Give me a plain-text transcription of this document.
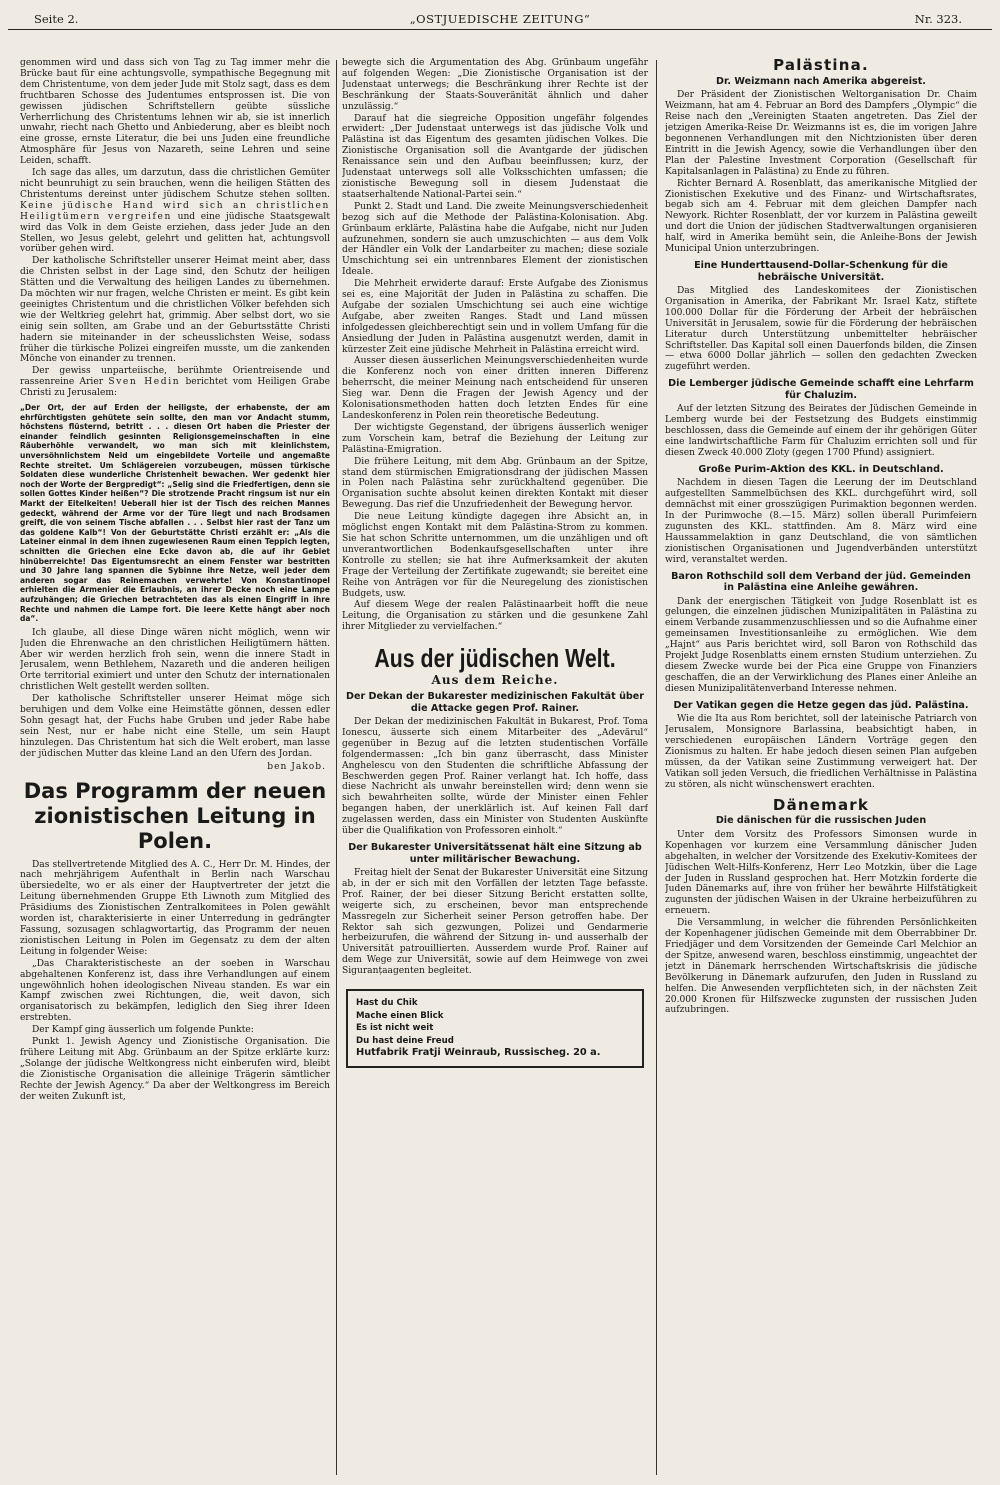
Seite 2.	„OSTJUEDISCHE ZEITUNG“	Nr. 323.

genommen wird und dass sich von Tag zu Tag immer mehr die Brücke baut für eine achtungsvolle, sympathische Begegnung mit dem Christentume, von dem jeder Jude mit Stolz sagt, dass es dem fruchtbaren Schosse des Judentumes entsprossen ist. Die von gewissen jüdischen Schriftstellern geübte süssliche Verherrlichung des Christentums lehnen wir ab, sie ist innerlich unwahr, riecht nach Ghetto und Anbiederung, aber es bleibt noch eine grosse, ernste Literatur, die bei uns Juden eine freundliche Atmosphäre für Jesus von Nazareth, seine Lehren und seine Leiden, schafft.

Ich sage das alles, um darzutun, dass die christlichen Gemüter nicht beunruhigt zu sein brauchen, wenn die heiligen Stätten des Christentums dereinst unter jüdischem Schutze stehen sollten. Keine jüdische Hand wird sich an christlichen Heiligtümern vergreifen und eine jüdische Staatsgewalt wird das Volk in dem Geiste erziehen, dass jeder Jude an den Stellen, wo Jesus gelebt, gelehrt und gelitten hat, achtungsvoll vorüber gehen wird.

Der katholische Schriftsteller unserer Heimat meint aber, dass die Christen selbst in der Lage sind, den Schutz der heiligen Stätten und die Verwaltung des heiligen Landes zu übernehmen. Da möchten wir nur fragen, welche Christen er meint. Es gibt kein geeinigtes Christentum und die christlichen Völker befehden sich wie der Weltkrieg gelehrt hat, grimmig. Aber selbst dort, wo sie einig sein sollten, am Grabe und an der Geburtsstätte Christi hadern sie miteinander in der scheusslichsten Weise, sodass früher die türkische Polizei eingreifen musste, um die zankenden Mönche von einander zu trennen.

Der gewiss unparteiische, berühmte Orientreisende und rassenreine Arier Sven Hedin berichtet vom Heiligen Grabe Christi zu Jerusalem:

„Der Ort, der auf Erden der heiligste, der erhabenste, der am ehrfürchtigsten gehütete sein sollte, den man vor Andacht stumm, höchstens flüsternd, betritt . . . diesen Ort haben die Priester der einander feindlich gesinnten Religionsgemeinschaften in eine Räuberhöhle verwandelt, wo man sich mit kleinlichstem, unversöhnlichstem Neid um eingebildete Vorteile und angemaßte Rechte streitet. Um Schlägereien vorzubeugen, müssen türkische Soldaten diese wunderliche Christenheit bewachen. Wer gedenkt hier noch der Worte der Bergpredigt“: „Selig sind die Friedfertigen, denn sie sollen Gottes Kinder heißen“? Die strotzende Pracht ringsum ist nur ein Markt der Eitelkeiten! Ueberall hier ist der Tisch des reichen Mannes gedeckt, während der Arme vor der Türe liegt und nach Brodsamen greift, die von seinem Tische abfallen . . . Selbst hier rast der Tanz um das goldene Kalb“! Von der Geburtstätte Christi erzählt er: „Als die Lateiner einmal in dem ihnen zugewiesenen Raum einen Teppich legten, schnitten die Griechen eine Ecke davon ab, die auf ihr Gebiet hinüberreichte! Das Eigentumsrecht an einem Fenster war bestritten und 30 Jahre lang spannen die Sybinne ihre Netze, weil jeder dem anderen sogar das Reinemachen verwehrte! Von Konstantinopel erhielten die Armenier die Erlaubnis, an ihrer Decke noch eine Lampe aufzuhängen; die Griechen betrachteten das als einen Eingriff in ihre Rechte und nahmen die Lampe fort. Die leere Kette hängt aber noch da“.

Ich glaube, all diese Dinge wären nicht möglich, wenn wir Juden die Ehrenwache an den christlichen Heiligtümern hätten. Aber wir werden herzlich froh sein, wenn die innere Stadt in Jerusalem, wenn Bethlehem, Nazareth und die anderen heiligen Orte territorial eximiert und unter den Schutz der internationalen christlichen Welt gestellt werden sollten.

Der katholische Schriftsteller unserer Heimat möge sich beruhigen und dem Volke eine Heimstätte gönnen, dessen edler Sohn gesagt hat, der Fuchs habe Gruben und jeder Rabe habe sein Nest, nur er habe nicht eine Stelle, um sein Haupt hinzulegen. Das Christentum hat sich die Welt erobert, man lasse der jüdischen Mutter das kleine Land an den Ufern des Jordan.

ben Jakob.

Das Programm der neuen zionistischen Leitung in Polen.

Das stellvertretende Mitglied des A. C., Herr Dr. M. Hindes, der nach mehrjährigem Aufenthalt in Berlin nach Warschau übersiedelte, wo er als einer der Hauptvertreter der jetzt die Leitung übernehmenden Gruppe Eth Liwnoth zum Mitglied des Präsidiums des Zionistischen Zentralkomitees in Polen gewählt worden ist, charakterisierte in einer Unterredung in gedrängter Fassung, sozusagen schlagwortartig, das Programm der neuen zionistischen Leitung in Polen im Gegensatz zu dem der alten Leitung in folgender Weise:

„Das Charakteristischeste an der soeben in Warschau abgehaltenen Konferenz ist, dass ihre Verhandlungen auf einem ungewöhnlich hohen ideologischen Niveau standen. Es war ein Kampf zwischen zwei Richtungen, die, weit davon, sich organisatorisch zu bekämpfen, lediglich den Sieg ihrer Ideen erstrebten.

Der Kampf ging äusserlich um folgende Punkte:

Punkt 1. Jewish Agency und Zionistische Organisation. Die frühere Leitung mit Abg. Grünbaum an der Spitze erklärte kurz: „Solange der jüdische Weltkongress nicht einberufen wird, bleibt die Zionistische Organisation die alleinige Trägerin sämtlicher Rechte der Jewish Agency.“ Da aber der Weltkongress im Bereich der weiten Zukunft ist,

bewegte sich die Argumentation des Abg. Grünbaum ungefähr auf folgenden Wegen: „Die Zionistische Organisation ist der Judenstaat unterwegs; die Beschränkung ihrer Rechte ist der Beschränkung der Staats-Souveränität ähnlich und daher unzulässig.“

Darauf hat die siegreiche Opposition ungefähr folgendes erwidert: „Der Judenstaat unterwegs ist das jüdische Volk und Palästina ist das Eigentum des gesamten jüdischen Volkes. Die Zionistische Organisation soll die Avantgarde der jüdischen Renaissance sein und den Aufbau beeinflussen; kurz, der Judenstaat unterwegs soll alle Volksschichten umfassen; die zionistische Bewegung soll in diesem Judenstaat die staatserhaltende National-Partei sein.“

Punkt 2. Stadt und Land. Die zweite Meinungsverschiedenheit bezog sich auf die Methode der Palästina-Kolonisation. Abg. Grünbaum erklärte, Palästina habe die Aufgabe, nicht nur Juden aufzunehmen, sondern sie auch umzuschichten — aus dem Volk der Händler ein Volk der Landarbeiter zu machen; diese soziale Umschichtung sei ein untrennbares Element der zionistischen Ideale.

Die Mehrheit erwiderte darauf: Erste Aufgabe des Zionismus sei es, eine Majorität der Juden in Palästina zu schaffen. Die Aufgabe der sozialen Umschichtung sei auch eine wichtige Aufgabe, aber zweiten Ranges. Stadt und Land müssen infolgedessen gleichberechtigt sein und in vollem Umfang für die Ansiedlung der Juden in Palästina ausgenutzt werden, damit in kürzester Zeit eine jüdische Mehrheit in Palästina erreicht wird.

Ausser diesen äusserlichen Meinungsverschiedenheiten wurde die Konferenz noch von einer dritten inneren Differenz beherrscht, die meiner Meinung nach entscheidend für unseren Sieg war. Denn die Fragen der Jewish Agency und der Kolonisationsmethoden hatten doch letzten Endes für eine Landeskonferenz in Polen rein theoretische Bedeutung.

Der wichtigste Gegenstand, der übrigens äusserlich weniger zum Vorschein kam, betraf die Beziehung der Leitung zur Palästina-Emigration.

Die frühere Leitung, mit dem Abg. Grünbaum an der Spitze, stand dem stürmischen Emigrationsdrang der jüdischen Massen in Polen nach Palästina sehr zurückhaltend gegenüber. Die Organisation suchte absolut keinen direkten Kontakt mit dieser Bewegung. Das rief die Unzufriedenheit der Bewegung hervor.

Die neue Leitung kündigte dagegen ihre Absicht an, in möglichst engen Kontakt mit dem Palästina-Strom zu kommen. Sie hat schon Schritte unternommen, um die unzähligen und oft unverantwortlichen Bodenkaufsgesellschaften unter ihre Kontrolle zu stellen; sie hat ihre Aufmerksamkeit der akuten Frage der Verteilung der Zertifikate zugewandt; sie bereitet eine Reihe von Anträgen vor für die Neuregelung des zionistischen Budgets, usw.

Auf diesem Wege der realen Palästinaarbeit hofft die neue Leitung, die Organisation zu stärken und die gesunkene Zahl ihrer Mitglieder zu vervielfachen.“

Aus der jüdischen Welt.
Aus dem Reiche.
Der Dekan der Bukarester medizinischen Fakultät über die Attacke gegen Prof. Rainer.

Der Dekan der medizinischen Fakultät in Bukarest, Prof. Toma Ionescu, äusserte sich einem Mitarbeiter des „Adevărul“ gegenüber in Bezug auf die letzten studentischen Vorfälle folgendermassen: „Ich bin ganz überrascht, dass Minister Anghelescu von den Studenten die schriftliche Abfassung der Beschwerden gegen Prof. Rainer verlangt hat. Ich hoffe, dass diese Nachricht als unwahr bereinstellen wird; denn wenn sie sich bewahrheiten sollte, würde der Minister einen Fehler begangen haben, der unerklärlich ist. Auf keinen Fall darf zugelassen werden, dass ein Minister von Studenten Auskünfte über die Qualifikation von Professoren einholt.“

Der Bukarester Universitätssenat hält eine Sitzung ab unter militärischer Bewachung.

Freitag hielt der Senat der Bukarester Universität eine Sitzung ab, in der er sich mit den Vorfällen der letzten Tage befasste. Prof. Rainer, der bei dieser Sitzung Bericht erstatten sollte, weigerte sich, zu erscheinen, bevor man entsprechende Massregeln zur Sicherheit seiner Person getroffen habe. Der Rektor sah sich gezwungen, Polizei und Gendarmerie herbeizurufen, die während der Sitzung in- und ausserhalb der Universität patrouillierten. Ausserdem wurde Prof. Rainer auf dem Wege zur Universität, sowie auf dem Heimwege von zwei Siguranțaagenten begleitet.

Hast du Chik
Mache einen Blick
Es ist nicht weit
Du hast deine Freud
Hutfabrik Fratji Weinraub, Russischeg. 20 a.
Palästina.
Dr. Weizmann nach Amerika abgereist.

Der Präsident der Zionistischen Weltorganisation Dr. Chaim Weizmann, hat am 4. Februar an Bord des Dampfers „Olympic“ die Reise nach den „Vereinigten Staaten angetreten. Das Ziel der jetzigen Amerika-Reise Dr. Weizmanns ist es, die im vorigen Jahre begonnenen Verhandlungen mit den Nichtzionisten über deren Eintritt in die Jewish Agency, sowie die Verhandlungen über den Plan der Palestine Investment Corporation (Gesellschaft für Kapitalsanlagen in Palästina) zu Ende zu führen.

Richter Bernard A. Rosenblatt, das amerikanische Mitglied der Zionistischen Exekutive und des Finanz- und Wirtschaftsrates, begab sich am 4. Februar mit dem gleichen Dampfer nach Newyork. Richter Rosenblatt, der vor kurzem in Palästina geweilt und dort die Union der jüdischen Stadtverwaltungen organisieren half, wird in Amerika bemüht sein, die Anleihe-Bons der Jewish Municipal Union unterzubringen.

Eine Hunderttausend-Dollar-Schenkung für die hebräische Universität.

Das Mitglied des Landeskomitees der Zionistischen Organisation in Amerika, der Fabrikant Mr. Israel Katz, stiftete 100.000 Dollar für die Förderung der Arbeit der hebräischen Universität in Jerusalem, sowie für die Förderung der hebräischen Literatur durch Unterstützung unbemittelter hebräischer Schriftsteller. Das Kapital soll einen Dauerfonds bilden, die Zinsen — etwa 6000 Dollar jährlich — sollen den gedachten Zwecken zugeführt werden.

Die Lemberger jüdische Gemeinde schafft eine Lehrfarm für Chaluzim.

Auf der letzten Sitzung des Beirates der Jüdischen Gemeinde in Lemberg wurde bei der Festsetzung des Budgets einstimmig beschlossen, dass die Gemeinde auf einem der ihr gehörigen Güter eine landwirtschaftliche Farm für Chaluzim errichten soll und für diesen Zweck 40.000 Zloty (gegen 1700 Pfund) assigniert.

Große Purim-Aktion des KKL. in Deutschland.

Nachdem in diesen Tagen die Leerung der im Deutschland aufgestellten Sammelbüchsen des KKL. durchgeführt wird, soll demnächst mit einer grosszügigen Purimaktion begonnen werden. In der Purimwoche (8.—15. März) sollen überall Purimfeiern zugunsten des KKL. stattfinden. Am 8. März wird eine Haussammelaktion in ganz Deutschland, die von sämtlichen zionistischen Organisationen und Jugendverbänden unterstützt wird, veranstaltet werden.

Baron Rothschild soll dem Verband der jüd. Gemeinden in Palästina eine Anleihe gewähren.

Dank der energischen Tätigkeit von Judge Rosenblatt ist es gelungen, die einzelnen jüdischen Munizipalitäten in Palästina zu einem Verbande zusammenzuschliessen und so die Aufnahme einer gemeinsamen Investitionsanleihe zu ermöglichen. Wie dem „Hajnt“ aus Paris berichtet wird, soll Baron von Rothschild das Projekt Judge Rosenblatts einem ernsten Studium unterziehen. Zu diesem Zwecke wurde bei der Pica eine Gruppe von Finanziers geschaffen, die an der Verwirklichung des Planes einer Anleihe an diesen Munizipalitätenverband Interesse nehmen.

Der Vatikan gegen die Hetze gegen das jüd. Palästina.

Wie die Ita aus Rom berichtet, soll der lateinische Patriarch von Jerusalem, Monsignore Barlassina, beabsichtigt haben, in verschiedenen europäischen Ländern Vorträge gegen den Zionismus zu halten. Er habe jedoch diesen seinen Plan aufgeben müssen, da der Vatikan seine Zustimmung verweigert hat. Der Vatikan soll jeden Versuch, die friedlichen Verhältnisse in Palästina zu stören, als nicht wünschenswert erachten.

Dänemark
Die dänischen für die russischen Juden

Unter dem Vorsitz des Professors Simonsen wurde in Kopenhagen vor kurzem eine Versammlung dänischer Juden abgehalten, in welcher der Vorsitzende des Exekutiv-Komitees der Jüdischen Welt-Hilfs-Konferenz, Herr Leo Motzkin, über die Lage der Juden in Russland gesprochen hat. Herr Motzkin forderte die Juden Dänemarks auf, ihre von früher her bewährte Hilfstätigkeit zugunsten der jüdischen Waisen in der Ukraine herbeizuführen zu erneuern.

Die Versammlung, in welcher die führenden Persönlichkeiten der Kopenhagener jüdischen Gemeinde mit dem Oberrabbiner Dr. Friedjäger und dem Vorsitzenden der Gemeinde Carl Melchior an der Spitze, anwesend waren, beschloss einstimmig, ungeachtet der jetzt in Dänemark herrschenden Wirtschaftskrisis die jüdische Bevölkerung in Dänemark aufzurufen, den Juden in Russland zu helfen. Die Anwesenden verpflichteten sich, in der nächsten Zeit 20.000 Kronen für Hilfszwecke zugunsten der russischen Juden aufzubringen.
